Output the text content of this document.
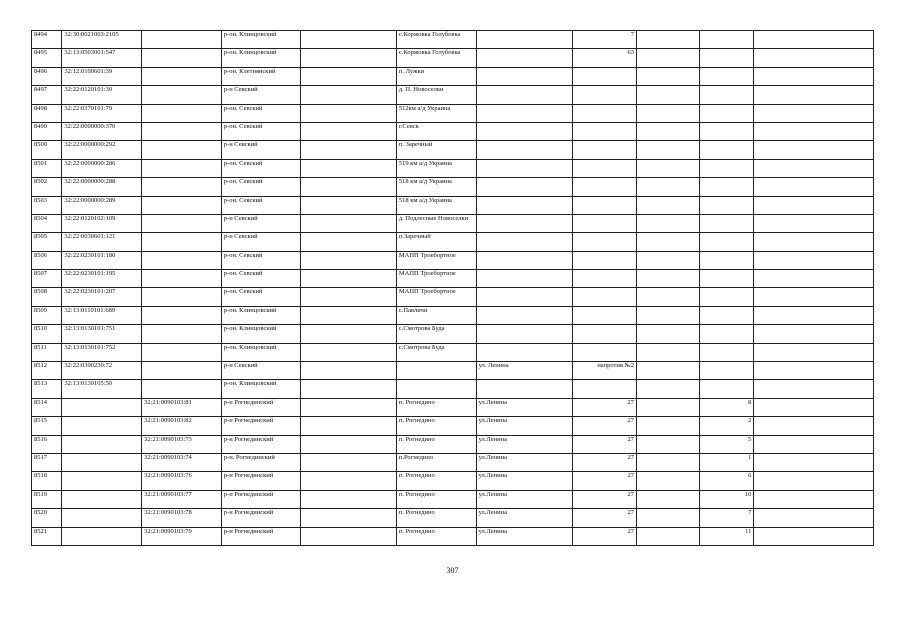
8494	32:30:0021003:2105		р-он. Клинцовский		с.Коржовка Голубовка		7			
8495	32:13:0503001:547		р-он. Клинцовский		с.Коржовка Голубовка		63			
8496	32:12:0100601:39		р-он. Клетнянский		п. Лужки					
8497	32:22:0120101:30		р-н Севский		д. П. Новоселки					
8498	32:22:0370101:79		р-он. Севский		512км а/д Украина					
8499	32:22:0000000:370		р-он. Севский		г.Севск					
8500	32:22:0000000:292		р-н Севский		п. Заречный					
8501	32:22:0000000:286		р-он. Севский		519 км а/д Украина					
8502	32:22:0000000:288		р-он. Севский		518 км а/д Украина					
8503	32:22:0000000:289		р-он. Севский		518 км а/д Украина					
8504	32:22:0120102:109		р-н Севский		д. Подлесные Новоселки					
8505	32:22:0030601:121		р-н Севский		п.Заречный					
8506	32:22:0230101:180		р-он. Севский		МАПП Троебортное					
8507	32:22:0230101:195		р-он. Севский		МАПП Троебортное					
8508	32:22:0230101:207		р-он. Севский		МАПП Троебортное					
8509	32:13:0110101:689		р-он. Клинцовский		с.Павличи					
8510	32:13:0130101:751		р-он. Клинцовский		с.Смотрова Буда					
8511	32:13:0130101:752		р-он. Клинцовский		с.Смотрова Буда					
8512	32:22:0390230:72		р-н Севский			ул. Ленина	напротив №2			
8513	32:13:0130105:50		р-он. Клинцовский							
8514		32:21:0090103:81	р-н Рогнединский		п. Рогнедино	ул.Ленина	27		8	
8515		32:21:0090103:82	р-н Рогнединский		п. Рогнедино	ул.Ленина	27		2	
8516		32:21:0090103:73	р-н Рогнединский		п. Рогнедино	ул.Ленина	27		5	
8517		32:21:0090103:74	р-н. Рогнединский		п.Рогнедино	ул.Ленина	27		1	
8518		32:21:0090103:76	р-н Рогнединский		п. Рогнедино	ул.Ленина	27		6	
8519		32:21:0090103:77	р-н Рогнединский		п. Рогнедино	ул.Ленина	27		10	
8520		32:21:0090103:78	р-н Рогнединский		п. Рогнедино	ул.Ленина	27		7	
8521		32:21:0090103:79	р-н Рогнединский		п. Рогнедино	ул.Ленина	27		11	
307
